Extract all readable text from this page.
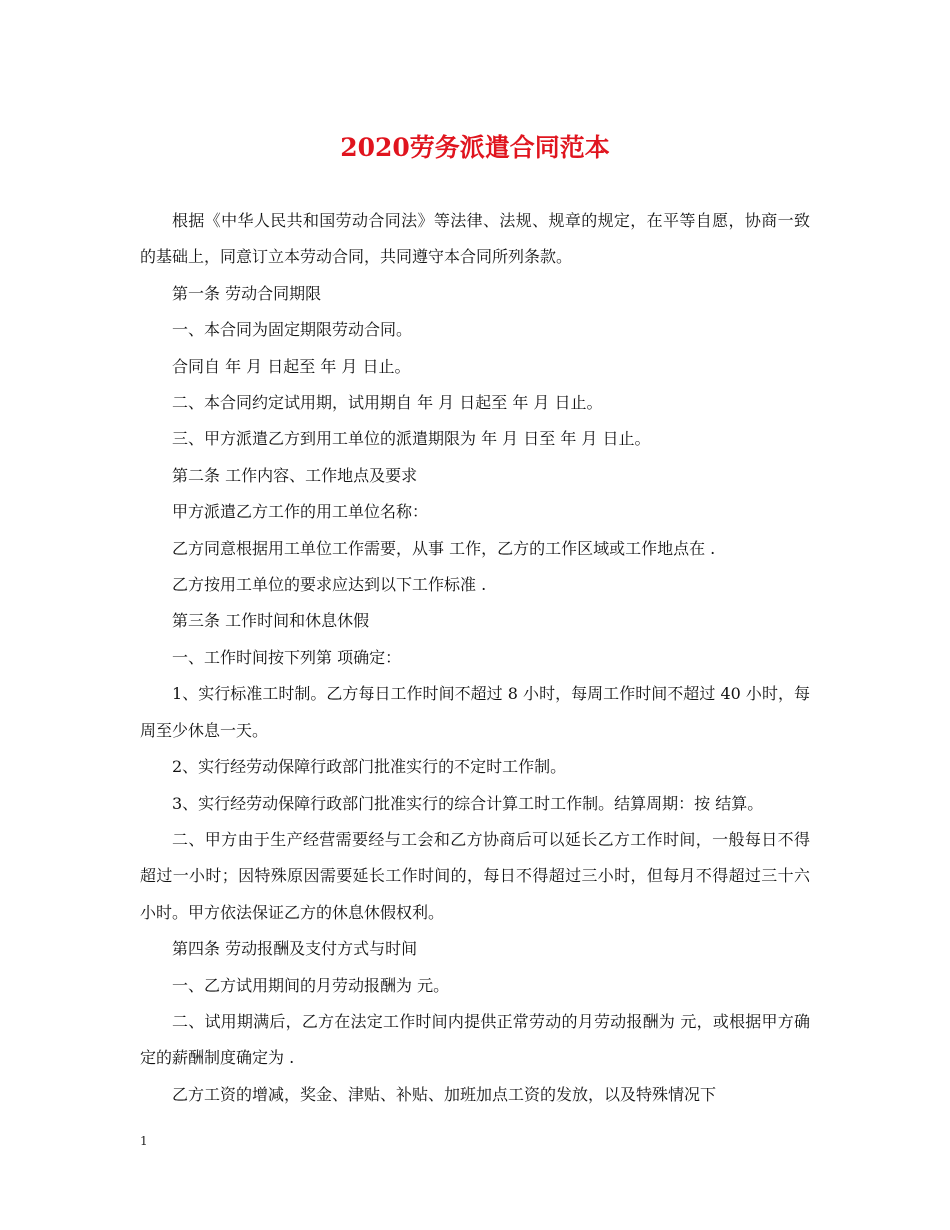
2020劳务派遣合同范本

根据《中华人民共和国劳动合同法》等法律、法规、规章的规定，在平等自愿，协商一致的基础上，同意订立本劳动合同，共同遵守本合同所列条款。

第一条 劳动合同期限

一、本合同为固定期限劳动合同。

合同自 年 月 日起至 年 月 日止。

二、本合同约定试用期，试用期自 年 月 日起至 年 月 日止。

三、甲方派遣乙方到用工单位的派遣期限为 年 月 日至 年 月 日止。

第二条 工作内容、工作地点及要求

甲方派遣乙方工作的用工单位名称：

乙方同意根据用工单位工作需要，从事 工作，乙方的工作区域或工作地点在 .

乙方按用工单位的要求应达到以下工作标准 .

第三条 工作时间和休息休假

一、工作时间按下列第 项确定：

1、实行标准工时制。乙方每日工作时间不超过 8 小时，每周工作时间不超过 40 小时，每周至少休息一天。

2、实行经劳动保障行政部门批准实行的不定时工作制。

3、实行经劳动保障行政部门批准实行的综合计算工时工作制。结算周期：按 结算。

二、甲方由于生产经营需要经与工会和乙方协商后可以延长乙方工作时间，一般每日不得超过一小时；因特殊原因需要延长工作时间的，每日不得超过三小时，但每月不得超过三十六小时。甲方依法保证乙方的休息休假权利。

第四条 劳动报酬及支付方式与时间

一、乙方试用期间的月劳动报酬为 元。

二、试用期满后，乙方在法定工作时间内提供正常劳动的月劳动报酬为 元，或根据甲方确定的薪酬制度确定为 .

乙方工资的增减，奖金、津贴、补贴、加班加点工资的发放，以及特殊情况下

1
